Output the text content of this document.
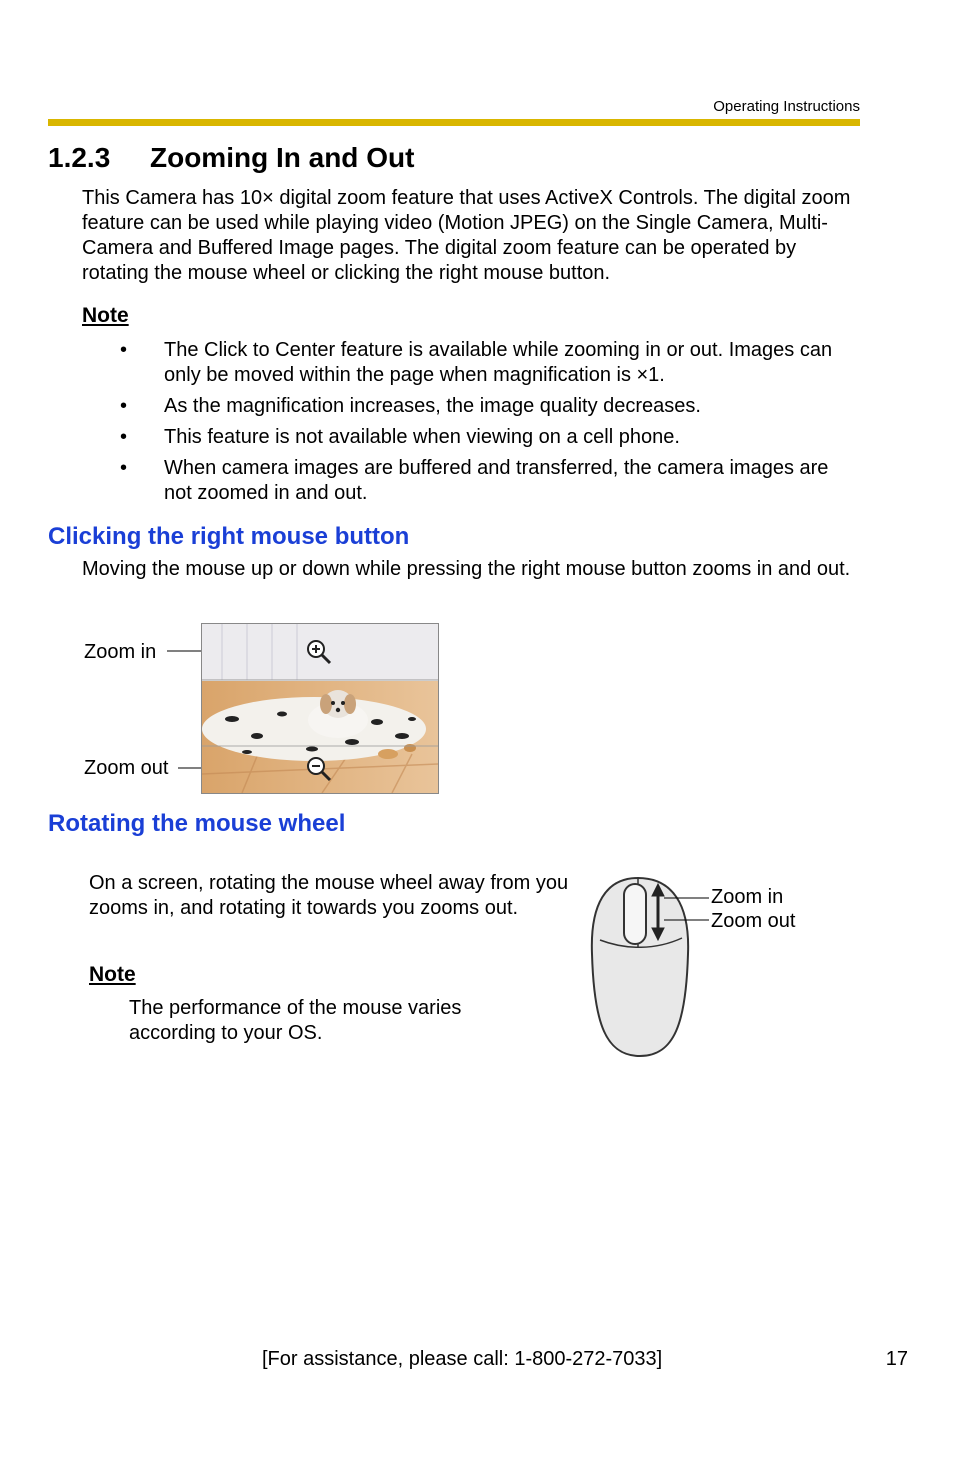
Operating Instructions
1.2.3 Zooming In and Out
This Camera has 10× digital zoom feature that uses ActiveX Controls. The digital zoom feature can be used while playing video (Motion JPEG) on the Single Camera, Multi-Camera and Buffered Image pages. The digital zoom feature can be operated by rotating the mouse wheel or clicking the right mouse button.
Note
• The Click to Center feature is available while zooming in or out. Images can only be moved within the page when magnification is ×1.
• As the magnification increases, the image quality decreases.
• This feature is not available when viewing on a cell phone.
• When camera images are buffered and transferred, the camera images are not zoomed in and out.
Clicking the right mouse button
Moving the mouse up or down while pressing the right mouse button zooms in and out.
Zoom in
Zoom out
Rotating the mouse wheel
On a screen, rotating the mouse wheel away from you zooms in, and rotating it towards you zooms out.
Note
The performance of the mouse varies according to your OS.
Zoom in
Zoom out
[For assistance, please call: 1-800-272-7033]	17
